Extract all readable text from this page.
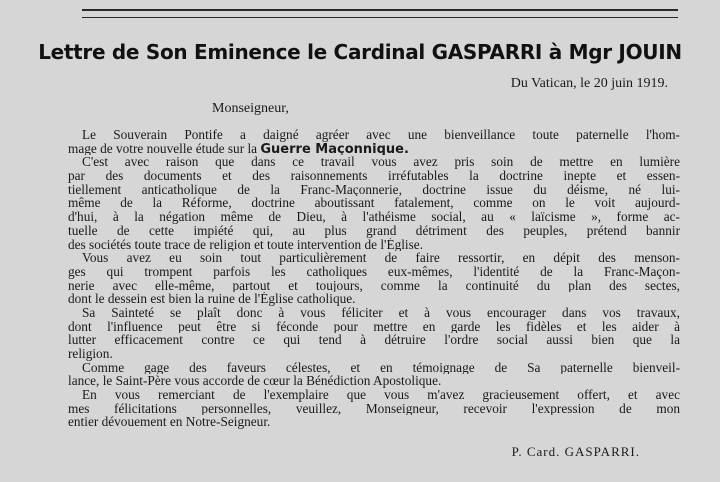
Lettre de Son Eminence le Cardinal GASPARRI à Mgr JOUIN
Du Vatican, le 20 juin 1919.
Monseigneur,
Le Souverain Pontife a daigné agréer avec une bienveillance toute paternelle l'hom-
mage de votre nouvelle étude sur la Guerre Maçonnique.
C'est avec raison que dans ce travail vous avez pris soin de mettre en lumière
par des documents et des raisonnements irréfutables la doctrine inepte et essen-
tiellement anticatholique de la Franc-Maçonnerie, doctrine issue du déisme, né lui-
même de la Réforme, doctrine aboutissant fatalement, comme on le voit aujourd-
d'hui, à la négation même de Dieu, à l'athéisme social, au « laïcisme », forme ac-
tuelle de cette impiété qui, au plus grand détriment des peuples, prétend bannir
des sociétés toute trace de religion et toute intervention de l'Église.
Vous avez eu soin tout particulièrement de faire ressortir, en dépit des menson-
ges qui trompent parfois les catholiques eux-mêmes, l'identité de la Franc-Maçon-
nerie avec elle-même, partout et toujours, comme la continuité du plan des sectes,
dont le dessein est bien la ruine de l'Église catholique.
Sa Sainteté se plaît donc à vous féliciter et à vous encourager dans vos travaux,
dont l'influence peut être si féconde pour mettre en garde les fidèles et les aider à
lutter efficacement contre ce qui tend à détruire l'ordre social aussi bien que la
religion.
Comme gage des faveurs célestes, et en témoignage de Sa paternelle bienveil-
lance, le Saint-Père vous accorde de cœur la Bénédiction Apostolique.
En vous remerciant de l'exemplaire que vous m'avez gracieusement offert, et avec
mes félicitations personnelles, veuillez, Monseigneur, recevoir l'expression de mon
entier dévouement en Notre-Seigneur.
P. Card. GASPARRI.
